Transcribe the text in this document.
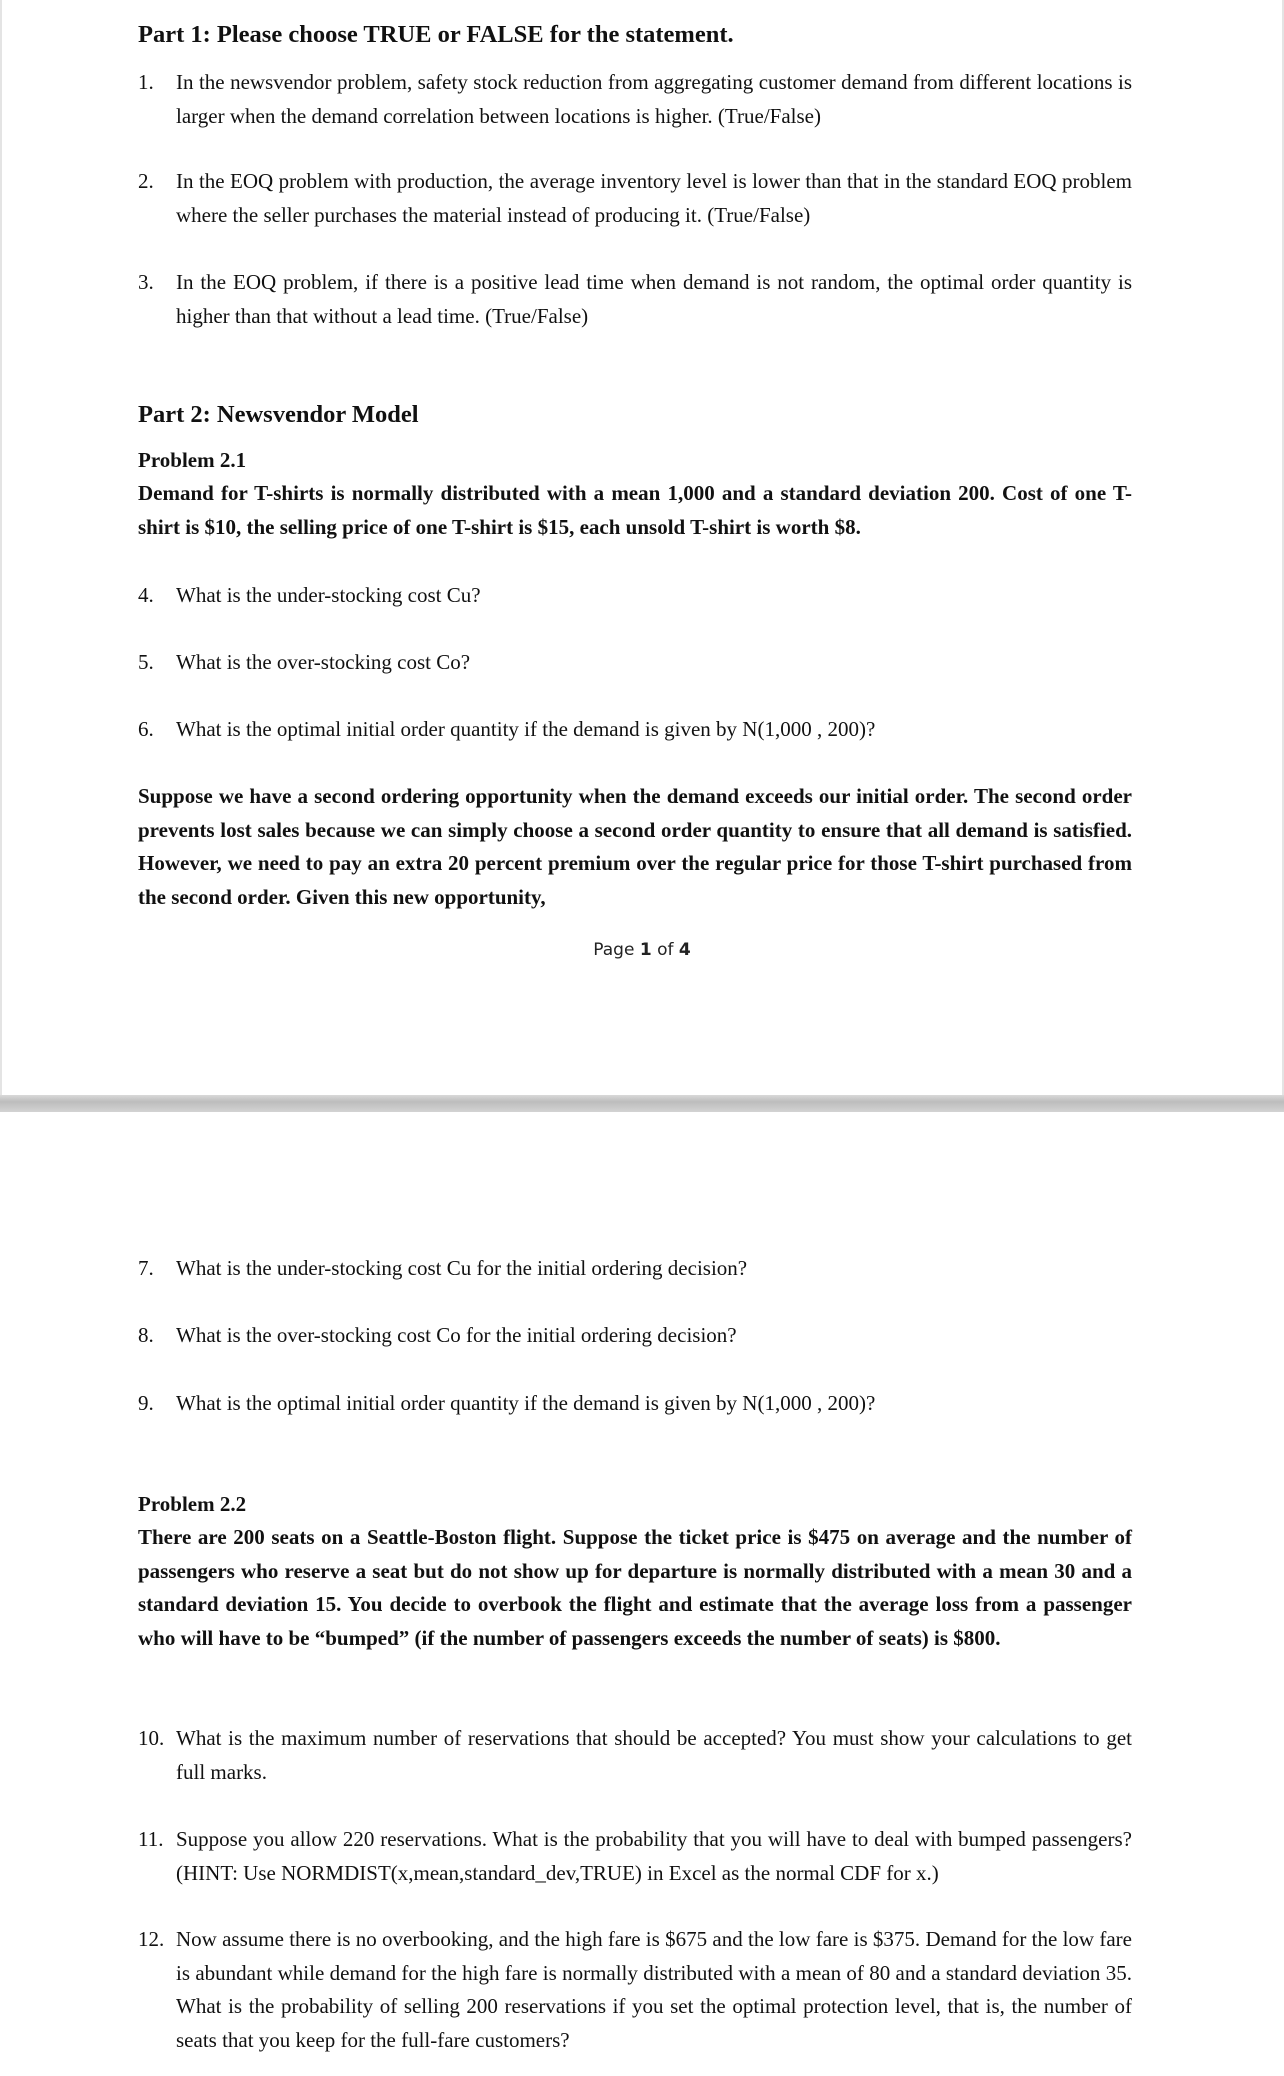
Part 1: Please choose TRUE or FALSE for the statement.
1. In the newsvendor problem, safety stock reduction from aggregating customer demand from different locations is larger when the demand correlation between locations is higher. (True/False)
2. In the EOQ problem with production, the average inventory level is lower than that in the standard EOQ problem where the seller purchases the material instead of producing it. (True/False)
3. In the EOQ problem, if there is a positive lead time when demand is not random, the optimal order quantity is higher than that without a lead time. (True/False)
Part 2: Newsvendor Model
Problem 2.1
Demand for T-shirts is normally distributed with a mean 1,000 and a standard deviation 200. Cost of one T-shirt is $10, the selling price of one T-shirt is $15, each unsold T-shirt is worth $8.
4. What is the under-stocking cost Cu?
5. What is the over-stocking cost Co?
6. What is the optimal initial order quantity if the demand is given by N(1,000 , 200)?
Suppose we have a second ordering opportunity when the demand exceeds our initial order. The second order prevents lost sales because we can simply choose a second order quantity to ensure that all demand is satisfied. However, we need to pay an extra 20 percent premium over the regular price for those T-shirt purchased from the second order. Given this new opportunity,
Page 1 of 4
7. What is the under-stocking cost Cu for the initial ordering decision?
8. What is the over-stocking cost Co for the initial ordering decision?
9. What is the optimal initial order quantity if the demand is given by N(1,000 , 200)?
Problem 2.2
There are 200 seats on a Seattle-Boston flight. Suppose the ticket price is $475 on average and the number of passengers who reserve a seat but do not show up for departure is normally distributed with a mean 30 and a standard deviation 15. You decide to overbook the flight and estimate that the average loss from a passenger who will have to be “bumped” (if the number of passengers exceeds the number of seats) is $800.
10. What is the maximum number of reservations that should be accepted? You must show your calculations to get full marks.
11. Suppose you allow 220 reservations. What is the probability that you will have to deal with bumped passengers? (HINT: Use NORMDIST(x,mean,standard_dev,TRUE) in Excel as the normal CDF for x.)
12. Now assume there is no overbooking, and the high fare is $675 and the low fare is $375. Demand for the low fare is abundant while demand for the high fare is normally distributed with a mean of 80 and a standard deviation 35. What is the probability of selling 200 reservations if you set the optimal protection level, that is, the number of seats that you keep for the full-fare customers?
